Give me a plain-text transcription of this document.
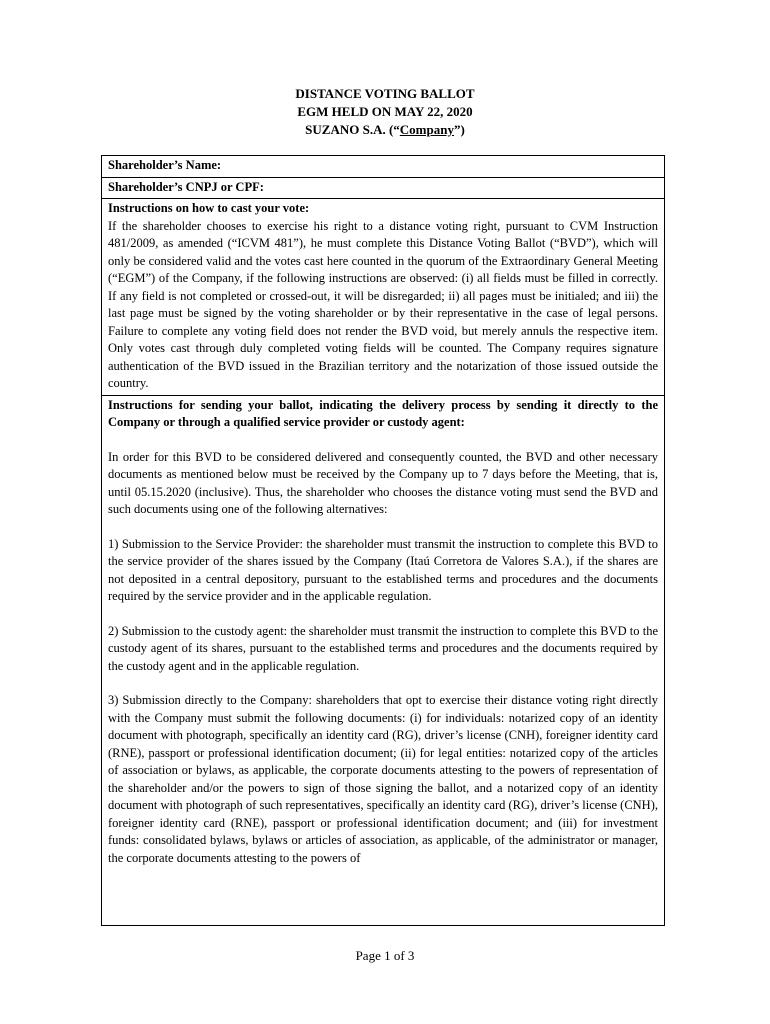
DISTANCE VOTING BALLOT
EGM HELD ON MAY 22, 2020
SUZANO S.A. (“Company”)
Shareholder’s Name:
Shareholder’s CNPJ or CPF:
Instructions on how to cast your vote:
If the shareholder chooses to exercise his right to a distance voting right, pursuant to CVM Instruction 481/2009, as amended (“ICVM 481”), he must complete this Distance Voting Ballot (“BVD”), which will only be considered valid and the votes cast here counted in the quorum of the Extraordinary General Meeting (“EGM”) of the Company, if the following instructions are observed: (i) all fields must be filled in correctly. If any field is not completed or crossed-out, it will be disregarded; ii) all pages must be initialed; and iii) the last page must be signed by the voting shareholder or by their representative in the case of legal persons. Failure to complete any voting field does not render the BVD void, but merely annuls the respective item. Only votes cast through duly completed voting fields will be counted. The Company requires signature authentication of the BVD issued in the Brazilian territory and the notarization of those issued outside the country.
Instructions for sending your ballot, indicating the delivery process by sending it directly to the Company or through a qualified service provider or custody agent:
In order for this BVD to be considered delivered and consequently counted, the BVD and other necessary documents as mentioned below must be received by the Company up to 7 days before the Meeting, that is, until 05.15.2020 (inclusive). Thus, the shareholder who chooses the distance voting must send the BVD and such documents using one of the following alternatives:
1) Submission to the Service Provider: the shareholder must transmit the instruction to complete this BVD to the service provider of the shares issued by the Company (Itaú Corretora de Valores S.A.), if the shares are not deposited in a central depository, pursuant to the established terms and procedures and the documents required by the service provider and in the applicable regulation.
2) Submission to the custody agent: the shareholder must transmit the instruction to complete this BVD to the custody agent of its shares, pursuant to the established terms and procedures and the documents required by the custody agent and in the applicable regulation.
3) Submission directly to the Company: shareholders that opt to exercise their distance voting right directly with the Company must submit the following documents: (i) for individuals: notarized copy of an identity document with photograph, specifically an identity card (RG), driver’s license (CNH), foreigner identity card (RNE), passport or professional identification document; (ii) for legal entities: notarized copy of the articles of association or bylaws, as applicable, the corporate documents attesting to the powers of representation of the shareholder and/or the powers to sign of those signing the ballot, and a notarized copy of an identity document with photograph of such representatives, specifically an identity card (RG), driver’s license (CNH), foreigner identity card (RNE), passport or professional identification document; and (iii) for investment funds: consolidated bylaws, bylaws or articles of association, as applicable, of the administrator or manager, the corporate documents attesting to the powers of
Page 1 of 3
